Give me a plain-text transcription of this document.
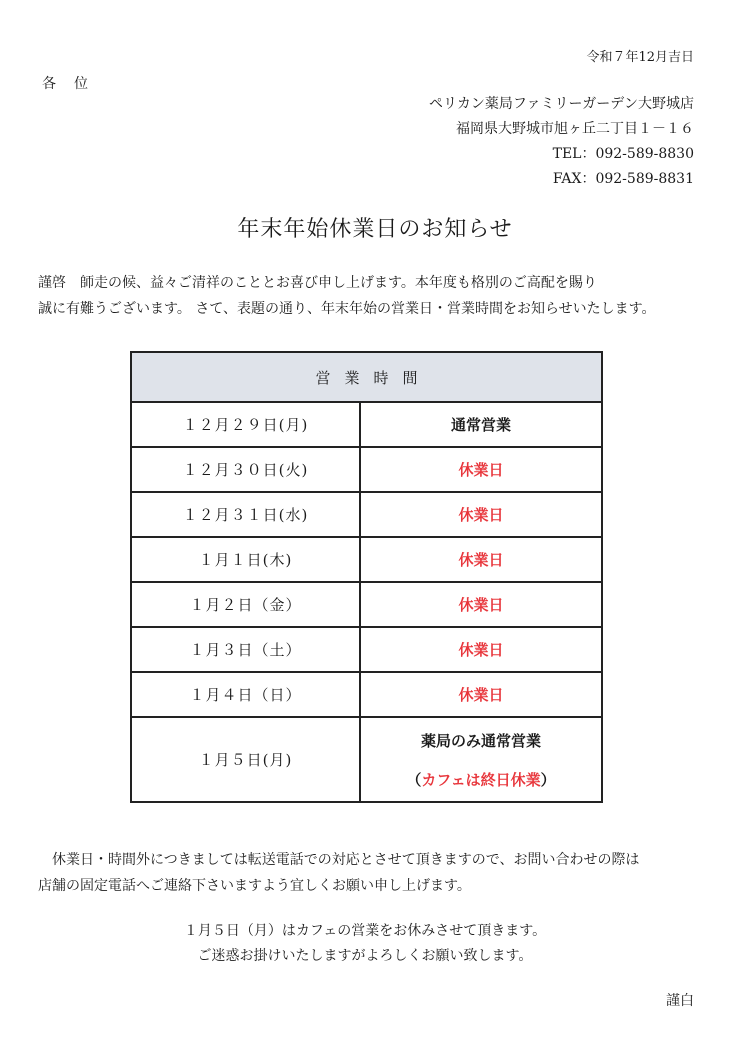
令和７年12月吉日
各　位
ペリカン薬局ファミリーガーデン大野城店
福岡県大野城市旭ヶ丘二丁目１－１６
TEL：092-589-8830
FAX：092-589-8831
年末年始休業日のお知らせ
謹啓　師走の候、益々ご清祥のこととお喜び申し上げます。本年度も格別のご高配を賜り
誠に有難うございます。 さて、表題の通り、年末年始の営業日・営業時間をお知らせいたします。
営業時間	
１２月２９日(月)	通常営業
１２月３０日(火)	休業日
１２月３１日(水)	休業日
１月１日(木)	休業日
１月２日（金）	休業日
１月３日（土）	休業日
１月４日（日）	休業日
１月５日(月)	薬局のみ通常営業
（カフェは終日休業）
　休業日・時間外につきましては転送電話での対応とさせて頂きますので、お問い合わせの際は
店舗の固定電話へご連絡下さいますよう宜しくお願い申し上げます。
１月５日（月）はカフェの営業をお休みさせて頂きます。
ご迷惑お掛けいたしますがよろしくお願い致します。
謹白
